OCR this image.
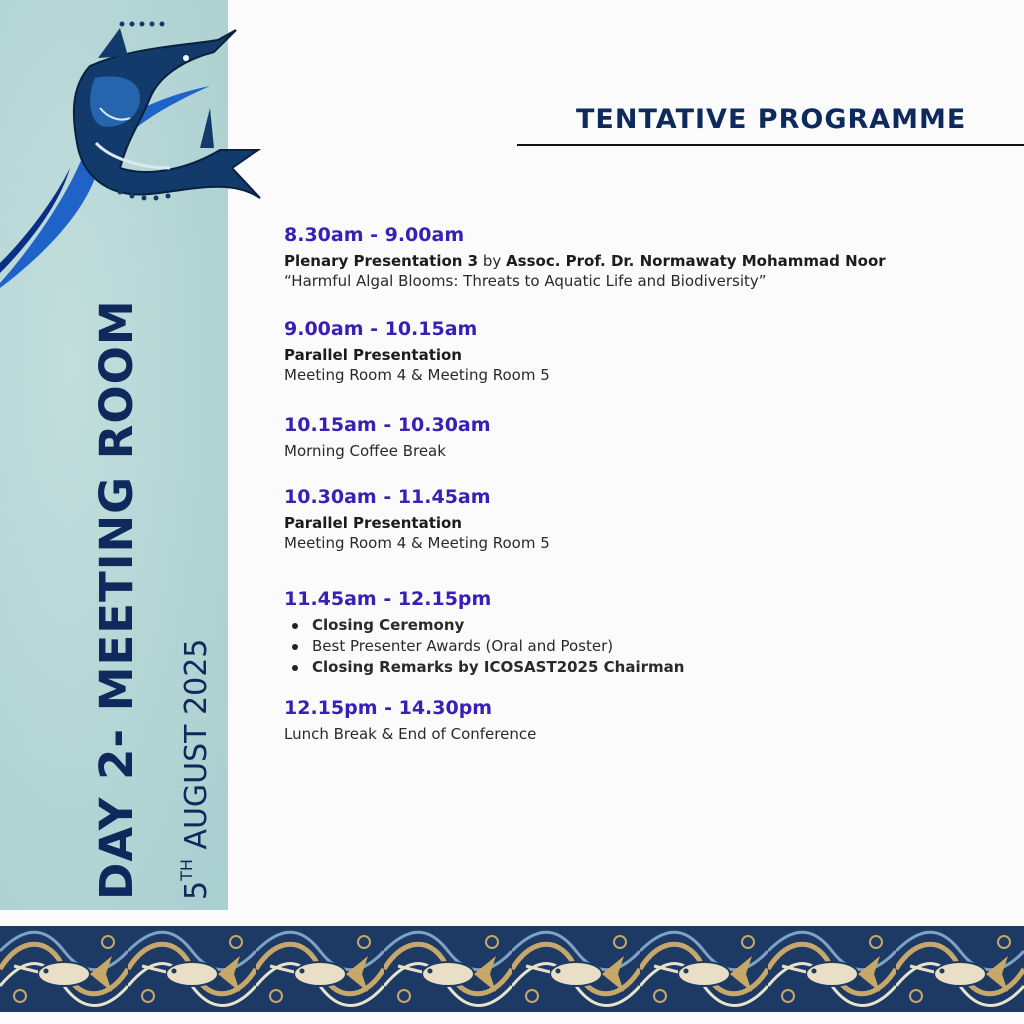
DAY 2- MEETING ROOM	5TH AUGUST 2025
TENTATIVE PROGRAMME
8.30am - 9.00am
Plenary Presentation 3 by Assoc. Prof. Dr. Normawaty Mohammad Noor
“Harmful Algal Blooms: Threats to Aquatic Life and Biodiversity”
9.00am - 10.15am
Parallel Presentation
Meeting Room 4 & Meeting Room 5
10.15am - 10.30am
Morning Coffee Break
10.30am - 11.45am
Parallel Presentation
Meeting Room 4 & Meeting Room 5
11.45am - 12.15pm
Closing Ceremony
Best Presenter Awards (Oral and Poster)
Closing Remarks by ICOSAST2025 Chairman
12.15pm - 14.30pm
Lunch Break & End of Conference
